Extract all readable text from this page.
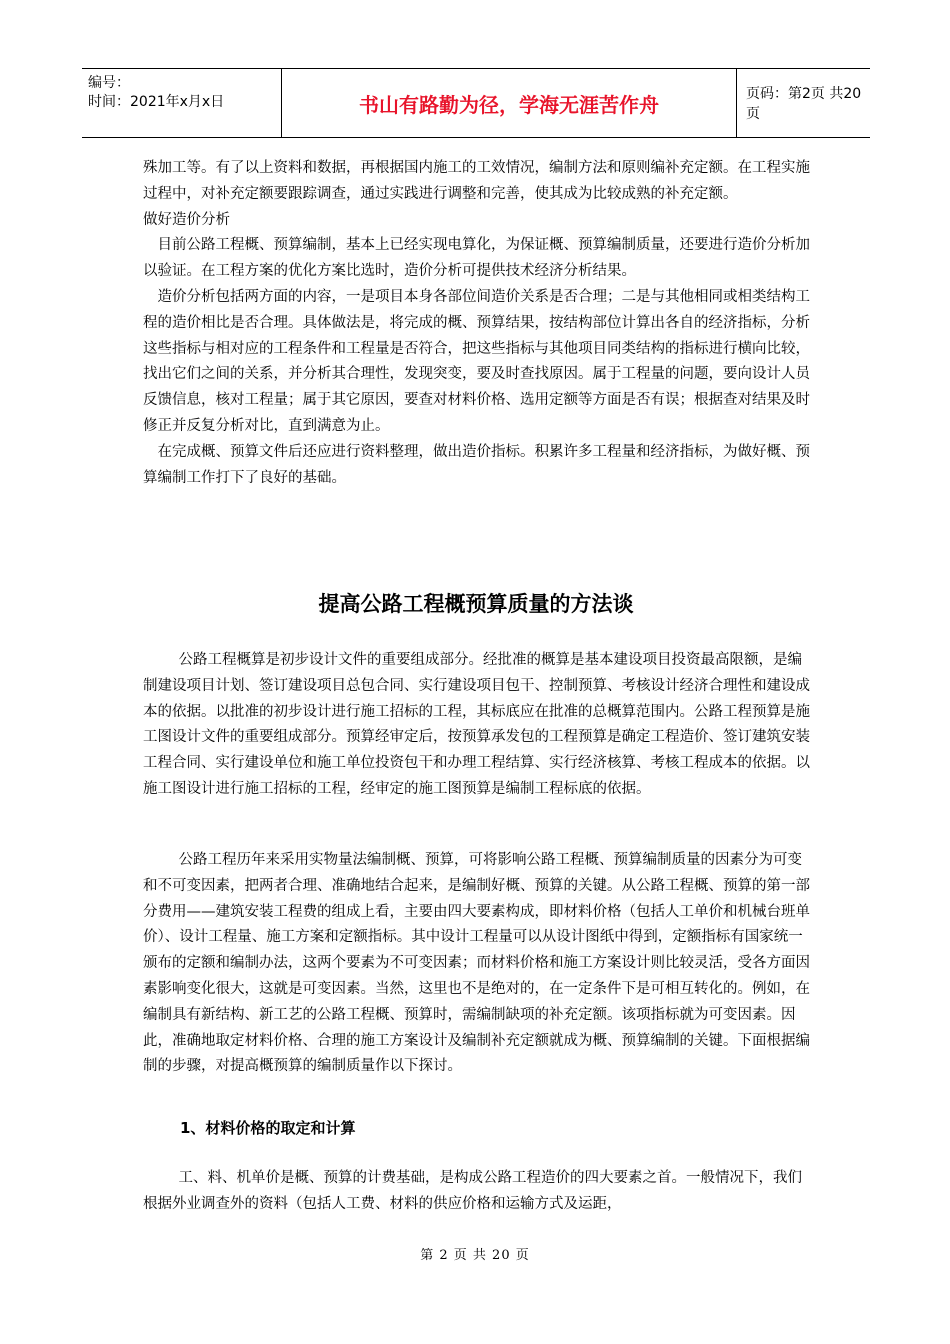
编号：
时间：2021年x月x日	书山有路勤为径，学海无涯苦作舟	页码：第2页 共20页

殊加工等。有了以上资料和数据，再根据国内施工的工效情况，编制方法和原则编补充定额。在工程实施过程中，对补充定额要跟踪调查，通过实践进行调整和完善，使其成为比较成熟的补充定额。

做好造价分析

目前公路工程概、预算编制，基本上已经实现电算化，为保证概、预算编制质量，还要进行造价分析加以验证。在工程方案的优化方案比选时，造价分析可提供技术经济分析结果。

造价分析包括两方面的内容，一是项目本身各部位间造价关系是否合理；二是与其他相同或相类结构工程的造价相比是否合理。具体做法是，将完成的概、预算结果，按结构部位计算出各自的经济指标，分析这些指标与相对应的工程条件和工程量是否符合，把这些指标与其他项目同类结构的指标进行横向比较，找出它们之间的关系，并分析其合理性，发现突变，要及时查找原因。属于工程量的问题，要向设计人员反馈信息，核对工程量；属于其它原因，要查对材料价格、选用定额等方面是否有误；根据查对结果及时修正并反复分析对比，直到满意为止。

在完成概、预算文件后还应进行资料整理，做出造价指标。积累许多工程量和经济指标，为做好概、预算编制工作打下了良好的基础。

提高公路工程概预算质量的方法谈

公路工程概算是初步设计文件的重要组成部分。经批准的概算是基本建设项目投资最高限额，是编制建设项目计划、签订建设项目总包合同、实行建设项目包干、控制预算、考核设计经济合理性和建设成本的依据。以批准的初步设计进行施工招标的工程，其标底应在批准的总概算范围内。公路工程预算是施工图设计文件的重要组成部分。预算经审定后，按预算承发包的工程预算是确定工程造价、签订建筑安装工程合同、实行建设单位和施工单位投资包干和办理工程结算、实行经济核算、考核工程成本的依据。以施工图设计进行施工招标的工程，经审定的施工图预算是编制工程标底的依据。

公路工程历年来采用实物量法编制概、预算，可将影响公路工程概、预算编制质量的因素分为可变和不可变因素，把两者合理、准确地结合起来，是编制好概、预算的关键。从公路工程概、预算的第一部分费用——建筑安装工程费的组成上看，主要由四大要素构成，即材料价格（包括人工单价和机械台班单价）、设计工程量、施工方案和定额指标。其中设计工程量可以从设计图纸中得到，定额指标有国家统一颁布的定额和编制办法，这两个要素为不可变因素；而材料价格和施工方案设计则比较灵活，受各方面因素影响变化很大，这就是可变因素。当然，这里也不是绝对的，在一定条件下是可相互转化的。例如，在编制具有新结构、新工艺的公路工程概、预算时，需编制缺项的补充定额。该项指标就为可变因素。因此，准确地取定材料价格、合理的施工方案设计及编制补充定额就成为概、预算编制的关键。下面根据编制的步骤，对提高概预算的编制质量作以下探讨。

1、材料价格的取定和计算

工、料、机单价是概、预算的计费基础，是构成公路工程造价的四大要素之首。一般情况下，我们根据外业调查外的资料（包括人工费、材料的供应价格和运输方式及运距，

第 2 页 共 20 页
